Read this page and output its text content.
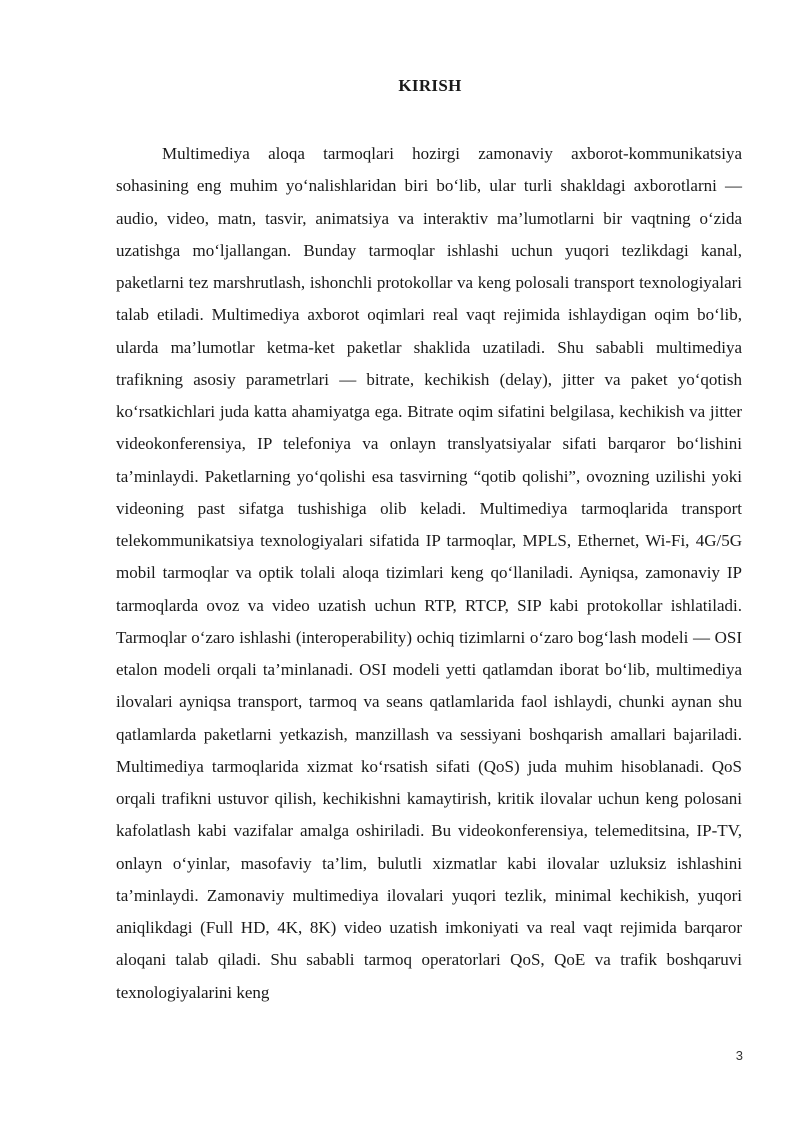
KIRISH

Multimediya aloqa tarmoqlari hozirgi zamonaviy axborot-kommunikatsiya sohasining eng muhim yo‘nalishlaridan biri bo‘lib, ular turli shakldagi axborotlarni — audio, video, matn, tasvir, animatsiya va interaktiv ma’lumotlarni bir vaqtning o‘zida uzatishga mo‘ljallangan. Bunday tarmoqlar ishlashi uchun yuqori tezlikdagi kanal, paketlarni tez marshrutlash, ishonchli protokollar va keng polosali transport texnologiyalari talab etiladi. Multimediya axborot oqimlari real vaqt rejimida ishlaydigan oqim bo‘lib, ularda ma’lumotlar ketma-ket paketlar shaklida uzatiladi. Shu sababli multimediya trafikning asosiy parametrlari — bitrate, kechikish (delay), jitter va paket yo‘qotish ko‘rsatkichlari juda katta ahamiyatga ega. Bitrate oqim sifatini belgilasa, kechikish va jitter videokonferensiya, IP telefoniya va onlayn translyatsiyalar sifati barqaror bo‘lishini ta’minlaydi. Paketlarning yo‘qolishi esa tasvirning “qotib qolishi”, ovozning uzilishi yoki videoning past sifatga tushishiga olib keladi. Multimediya tarmoqlarida transport telekommunikatsiya texnologiyalari sifatida IP tarmoqlar, MPLS, Ethernet, Wi-Fi, 4G/5G mobil tarmoqlar va optik tolali aloqa tizimlari keng qo‘llaniladi. Ayniqsa, zamonaviy IP tarmoqlarda ovoz va video uzatish uchun RTP, RTCP, SIP kabi protokollar ishlatiladi. Tarmoqlar o‘zaro ishlashi (interoperability) ochiq tizimlarni o‘zaro bog‘lash modeli — OSI etalon modeli orqali ta’minlanadi. OSI modeli yetti qatlamdan iborat bo‘lib, multimediya ilovalari ayniqsa transport, tarmoq va seans qatlamlarida faol ishlaydi, chunki aynan shu qatlamlarda paketlarni yetkazish, manzillash va sessiyani boshqarish amallari bajariladi. Multimediya tarmoqlarida xizmat ko‘rsatish sifati (QoS) juda muhim hisoblanadi. QoS orqali trafikni ustuvor qilish, kechikishni kamaytirish, kritik ilovalar uchun keng polosani kafolatlash kabi vazifalar amalga oshiriladi. Bu videokonferensiya, telemeditsina, IP-TV, onlayn o‘yinlar, masofaviy ta’lim, bulutli xizmatlar kabi ilovalar uzluksiz ishlashini ta’minlaydi. Zamonaviy multimediya ilovalari yuqori tezlik, minimal kechikish, yuqori aniqlikdagi (Full HD, 4K, 8K) video uzatish imkoniyati va real vaqt rejimida barqaror aloqani talab qiladi. Shu sababli tarmoq operatorlari QoS, QoE va trafik boshqaruvi texnologiyalarini keng

3
